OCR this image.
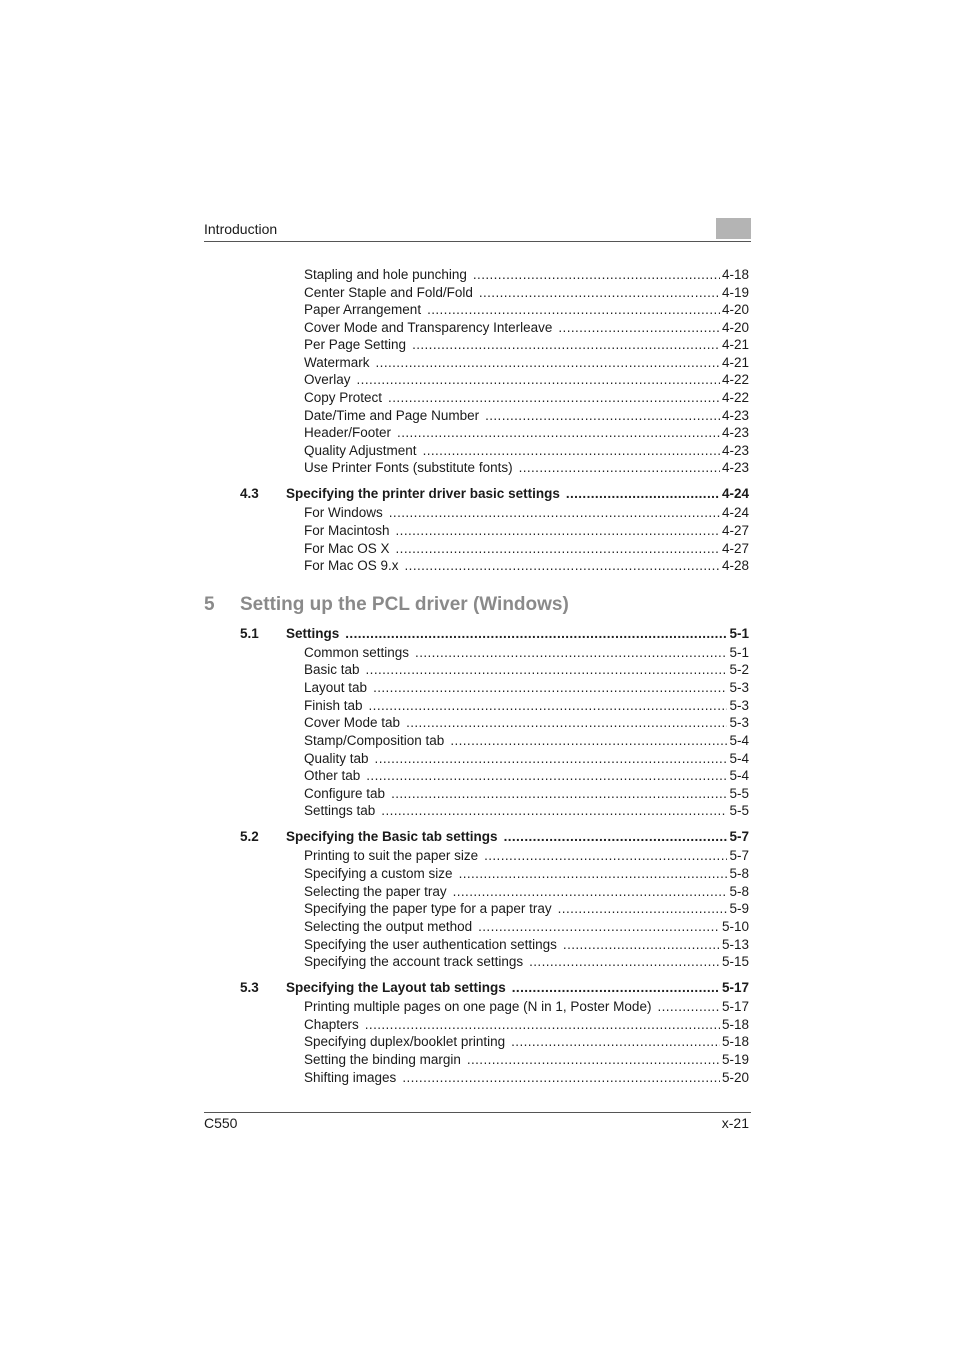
Introduction
Stapling and hole punching .....	4-18
Center Staple and Fold/Fold .....	4-19
Paper Arrangement .....	4-20
Cover Mode and Transparency Interleave .....	4-20
Per Page Setting .....	4-21
Watermark .....	4-21
Overlay .....	4-22
Copy Protect .....	4-22
Date/Time and Page Number .....	4-23
Header/Footer .....	4-23
Quality Adjustment .....	4-23
Use Printer Fonts (substitute fonts) .....	4-23
4.3 Specifying the printer driver basic settings .....	4-24
For Windows .....	4-24
For Macintosh .....	4-27
For Mac OS X .....	4-27
For Mac OS 9.x .....	4-28
5 Setting up the PCL driver (Windows)
5.1 Settings .....	5-1
Common settings .....	5-1
Basic tab .....	5-2
Layout tab .....	5-3
Finish tab .....	5-3
Cover Mode tab .....	5-3
Stamp/Composition tab .....	5-4
Quality tab .....	5-4
Other tab .....	5-4
Configure tab .....	5-5
Settings tab .....	5-5
5.2 Specifying the Basic tab settings .....	5-7
Printing to suit the paper size .....	5-7
Specifying a custom size .....	5-8
Selecting the paper tray .....	5-8
Specifying the paper type for a paper tray .....	5-9
Selecting the output method .....	5-10
Specifying the user authentication settings .....	5-13
Specifying the account track settings .....	5-15
5.3 Specifying the Layout tab settings .....	5-17
Printing multiple pages on one page (N in 1, Poster Mode) .....	5-17
Chapters .....	5-18
Specifying duplex/booklet printing .....	5-18
Setting the binding margin .....	5-19
Shifting images .....	5-20
C550	x-21
